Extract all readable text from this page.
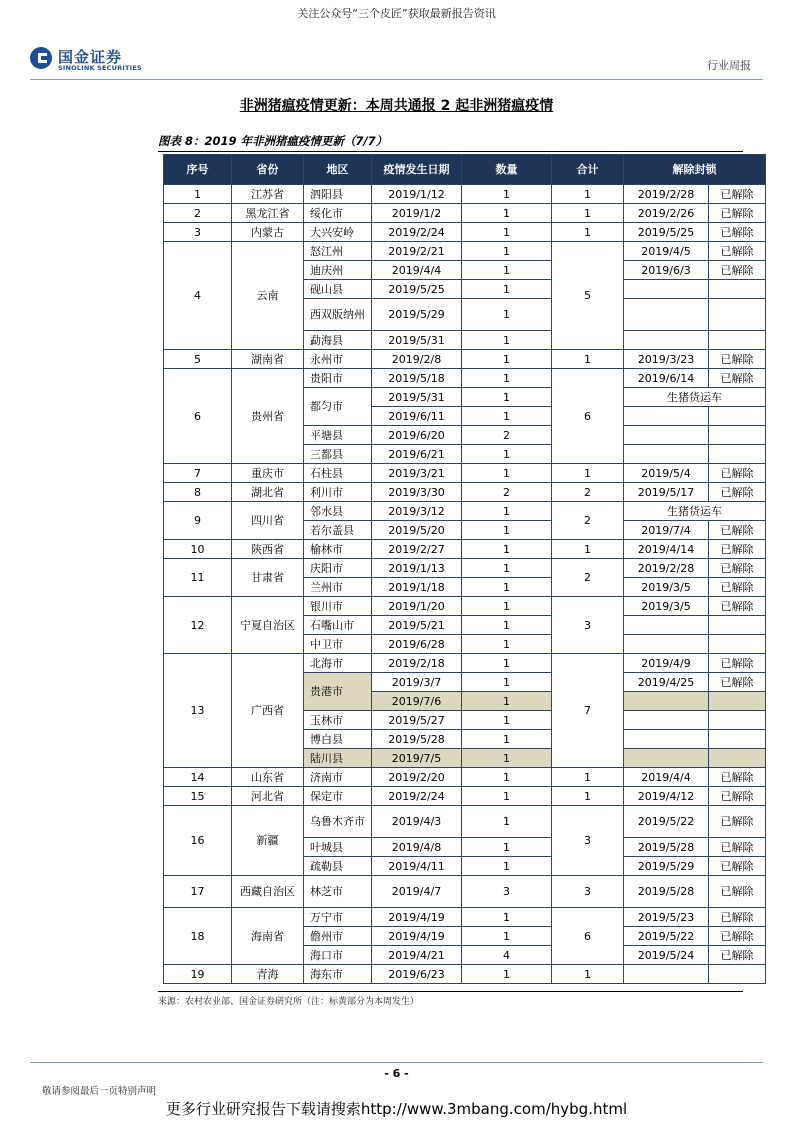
关注公众号“三个皮匠”获取最新报告资讯
国金证券
SINOLINK SECURITIES	行业周报
非洲猪瘟疫情更新：本周共通报 2 起非洲猪瘟疫情
图表 8：2019 年非洲猪瘟疫情更新（7/7）
序号	省份	地区	疫情发生日期	数量	合计	解除封锁	
1	江苏省	泗阳县	2019/1/12	1	1	2019/2/28	已解除
2	黑龙江省	绥化市	2019/1/2	1	1	2019/2/26	已解除
3	内蒙古	大兴安岭	2019/2/24	1	1	2019/5/25	已解除
4	云南	怒江州	2019/2/21	1	5	2019/4/5	已解除
		迪庆州	2019/4/4	1		2019/6/3	已解除
		砚山县	2019/5/25	1			
		西双版纳州	2019/5/29	1			
		勐海县	2019/5/31	1			
5	湖南省	永州市	2019/2/8	1	1	2019/3/23	已解除
6	贵州省	贵阳市	2019/5/18	1	6	2019/6/14	已解除
		都匀市	2019/5/31	1		生猪货运车	
			2019/6/11	1			
		平塘县	2019/6/20	2			
		三都县	2019/6/21	1			
7	重庆市	石柱县	2019/3/21	1	1	2019/5/4	已解除
8	湖北省	利川市	2019/3/30	2	2	2019/5/17	已解除
9	四川省	邻水县	2019/3/12	1	2	生猪货运车	
		若尔盖县	2019/5/20	1		2019/7/4	已解除
10	陕西省	榆林市	2019/2/27	1	1	2019/4/14	已解除
11	甘肃省	庆阳市	2019/1/13	1	2	2019/2/28	已解除
		兰州市	2019/1/18	1		2019/3/5	已解除
12	宁夏自治区	银川市	2019/1/20	1	3	2019/3/5	已解除
		石嘴山市	2019/5/21	1			
		中卫市	2019/6/28	1			
13	广西省	北海市	2019/2/18	1	7	2019/4/9	已解除
		贵港市	2019/3/7	1		2019/4/25	已解除
			2019/7/6	1			
		玉林市	2019/5/27	1			
		博白县	2019/5/28	1			
		陆川县	2019/7/5	1			
14	山东省	济南市	2019/2/20	1	1	2019/4/4	已解除
15	河北省	保定市	2019/2/24	1	1	2019/4/12	已解除
16	新疆	乌鲁木齐市	2019/4/3	1	3	2019/5/22	已解除
		叶城县	2019/4/8	1		2019/5/28	已解除
		疏勒县	2019/4/11	1		2019/5/29	已解除
17	西藏自治区	林芝市	2019/4/7	3	3	2019/5/28	已解除
18	海南省	万宁市	2019/4/19	1	6	2019/5/23	已解除
		儋州市	2019/4/19	1		2019/5/22	已解除
		海口市	2019/4/21	4		2019/5/24	已解除
19	青海	海东市	2019/6/23	1	1		
来源：农村农业部、国金证券研究所（注：标黄部分为本周发生）
- 6 -
敬请参阅最后一页特别声明
更多行业研究报告下载请搜索http://www.3mbang.com/hybg.html
